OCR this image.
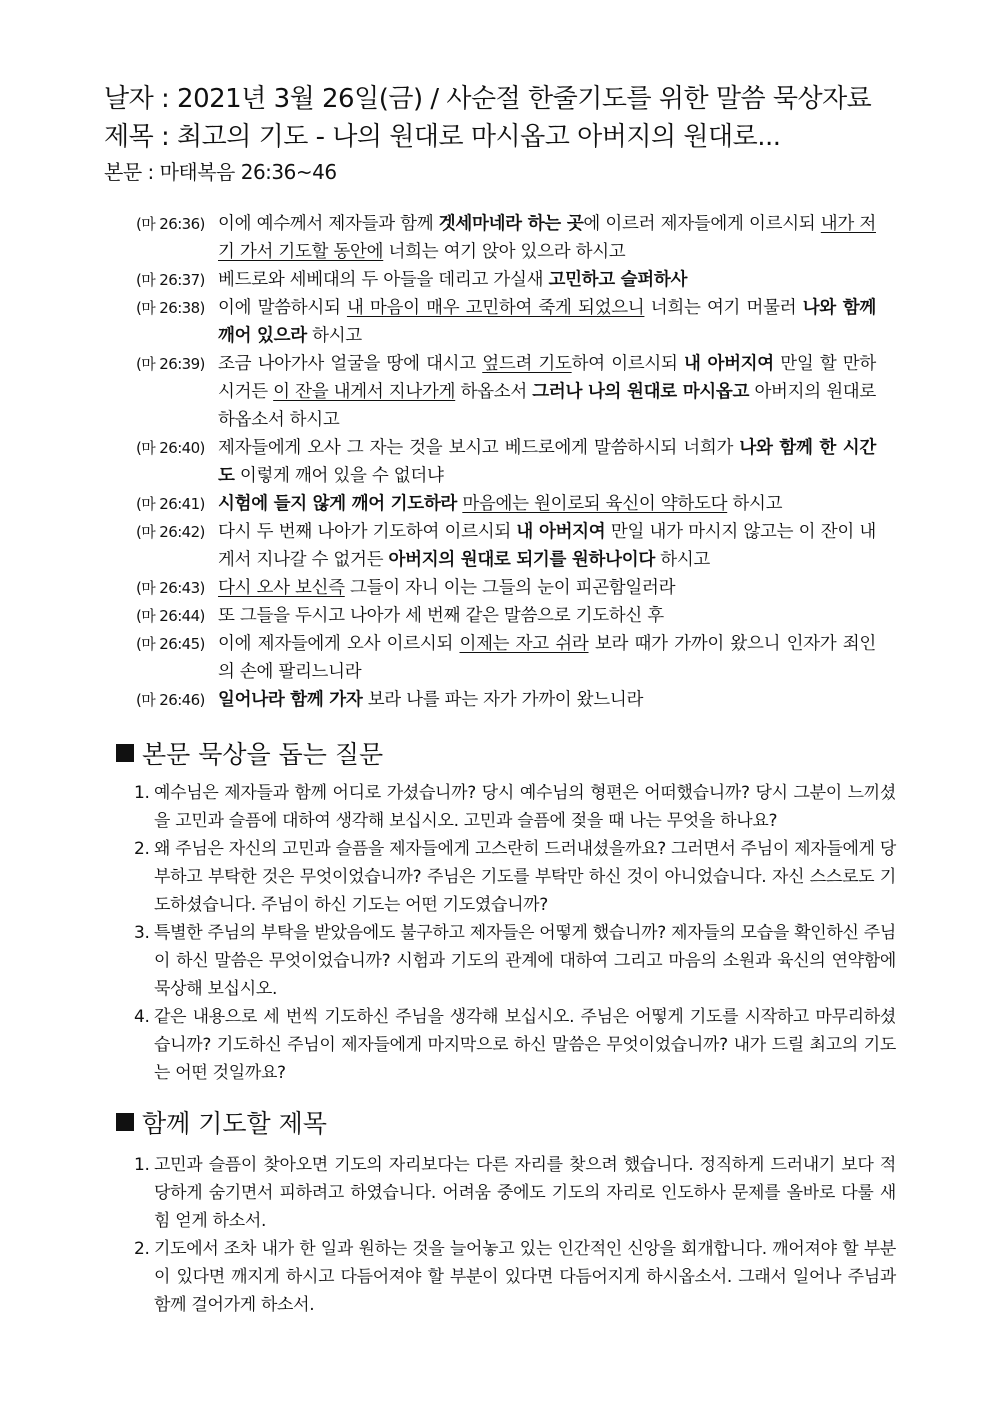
날자 : 2021년 3월 26일(금) / 사순절 한줄기도를 위한 말씀 묵상자료
제목 : 최고의 기도 - 나의 원대로 마시옵고 아버지의 원대로...
본문 : 마태복음 26:36~46
(마 26:36) 이에 예수께서 제자들과 함께 겟세마네라 하는 곳에 이르러 제자들에게 이르시되 내가 저기 가서 기도할 동안에 너희는 여기 앉아 있으라 하시고
(마 26:37) 베드로와 세베대의 두 아들을 데리고 가실새 고민하고 슬퍼하사
(마 26:38) 이에 말씀하시되 내 마음이 매우 고민하여 죽게 되었으니 너희는 여기 머물러 나와 함께 깨어 있으라 하시고
(마 26:39) 조금 나아가사 얼굴을 땅에 대시고 엎드려 기도하여 이르시되 내 아버지여 만일 할 만하시거든 이 잔을 내게서 지나가게 하옵소서 그러나 나의 원대로 마시옵고 아버지의 원대로 하옵소서 하시고
(마 26:40) 제자들에게 오사 그 자는 것을 보시고 베드로에게 말씀하시되 너희가 나와 함께 한 시간도 이렇게 깨어 있을 수 없더냐
(마 26:41) 시험에 들지 않게 깨어 기도하라 마음에는 원이로되 육신이 약하도다 하시고
(마 26:42) 다시 두 번째 나아가 기도하여 이르시되 내 아버지여 만일 내가 마시지 않고는 이 잔이 내게서 지나갈 수 없거든 아버지의 원대로 되기를 원하나이다 하시고
(마 26:43) 다시 오사 보신즉 그들이 자니 이는 그들의 눈이 피곤함일러라
(마 26:44) 또 그들을 두시고 나아가 세 번째 같은 말씀으로 기도하신 후
(마 26:45) 이에 제자들에게 오사 이르시되 이제는 자고 쉬라 보라 때가 가까이 왔으니 인자가 죄인의 손에 팔리느니라
(마 26:46) 일어나라 함께 가자 보라 나를 파는 자가 가까이 왔느니라
본문 묵상을 돕는 질문
1. 예수님은 제자들과 함께 어디로 가셨습니까? 당시 예수님의 형편은 어떠했습니까? 당시 그분이 느끼셨을 고민과 슬픔에 대하여 생각해 보십시오. 고민과 슬픔에 젖을 때 나는 무엇을 하나요?
2. 왜 주님은 자신의 고민과 슬픔을 제자들에게 고스란히 드러내셨을까요? 그러면서 주님이 제자들에게 당부하고 부탁한 것은 무엇이었습니까? 주님은 기도를 부탁만 하신 것이 아니었습니다. 자신 스스로도 기도하셨습니다. 주님이 하신 기도는 어떤 기도였습니까?
3. 특별한 주님의 부탁을 받았음에도 불구하고 제자들은 어떻게 했습니까? 제자들의 모습을 확인하신 주님이 하신 말씀은 무엇이었습니까? 시험과 기도의 관계에 대하여 그리고 마음의 소원과 육신의 연약함에 묵상해 보십시오.
4. 같은 내용으로 세 번씩 기도하신 주님을 생각해 보십시오. 주님은 어떻게 기도를 시작하고 마무리하셨습니까? 기도하신 주님이 제자들에게 마지막으로 하신 말씀은 무엇이었습니까? 내가 드릴 최고의 기도는 어떤 것일까요?
함께 기도할 제목
1. 고민과 슬픔이 찾아오면 기도의 자리보다는 다른 자리를 찾으려 했습니다. 정직하게 드러내기 보다 적당하게 숨기면서 피하려고 하였습니다. 어려움 중에도 기도의 자리로 인도하사 문제를 올바로 다룰 새 힘 얻게 하소서.
2. 기도에서 조차 내가 한 일과 원하는 것을 늘어놓고 있는 인간적인 신앙을 회개합니다. 깨어져야 할 부분이 있다면 깨지게 하시고 다듬어져야 할 부분이 있다면 다듬어지게 하시옵소서. 그래서 일어나 주님과 함께 걸어가게 하소서.
